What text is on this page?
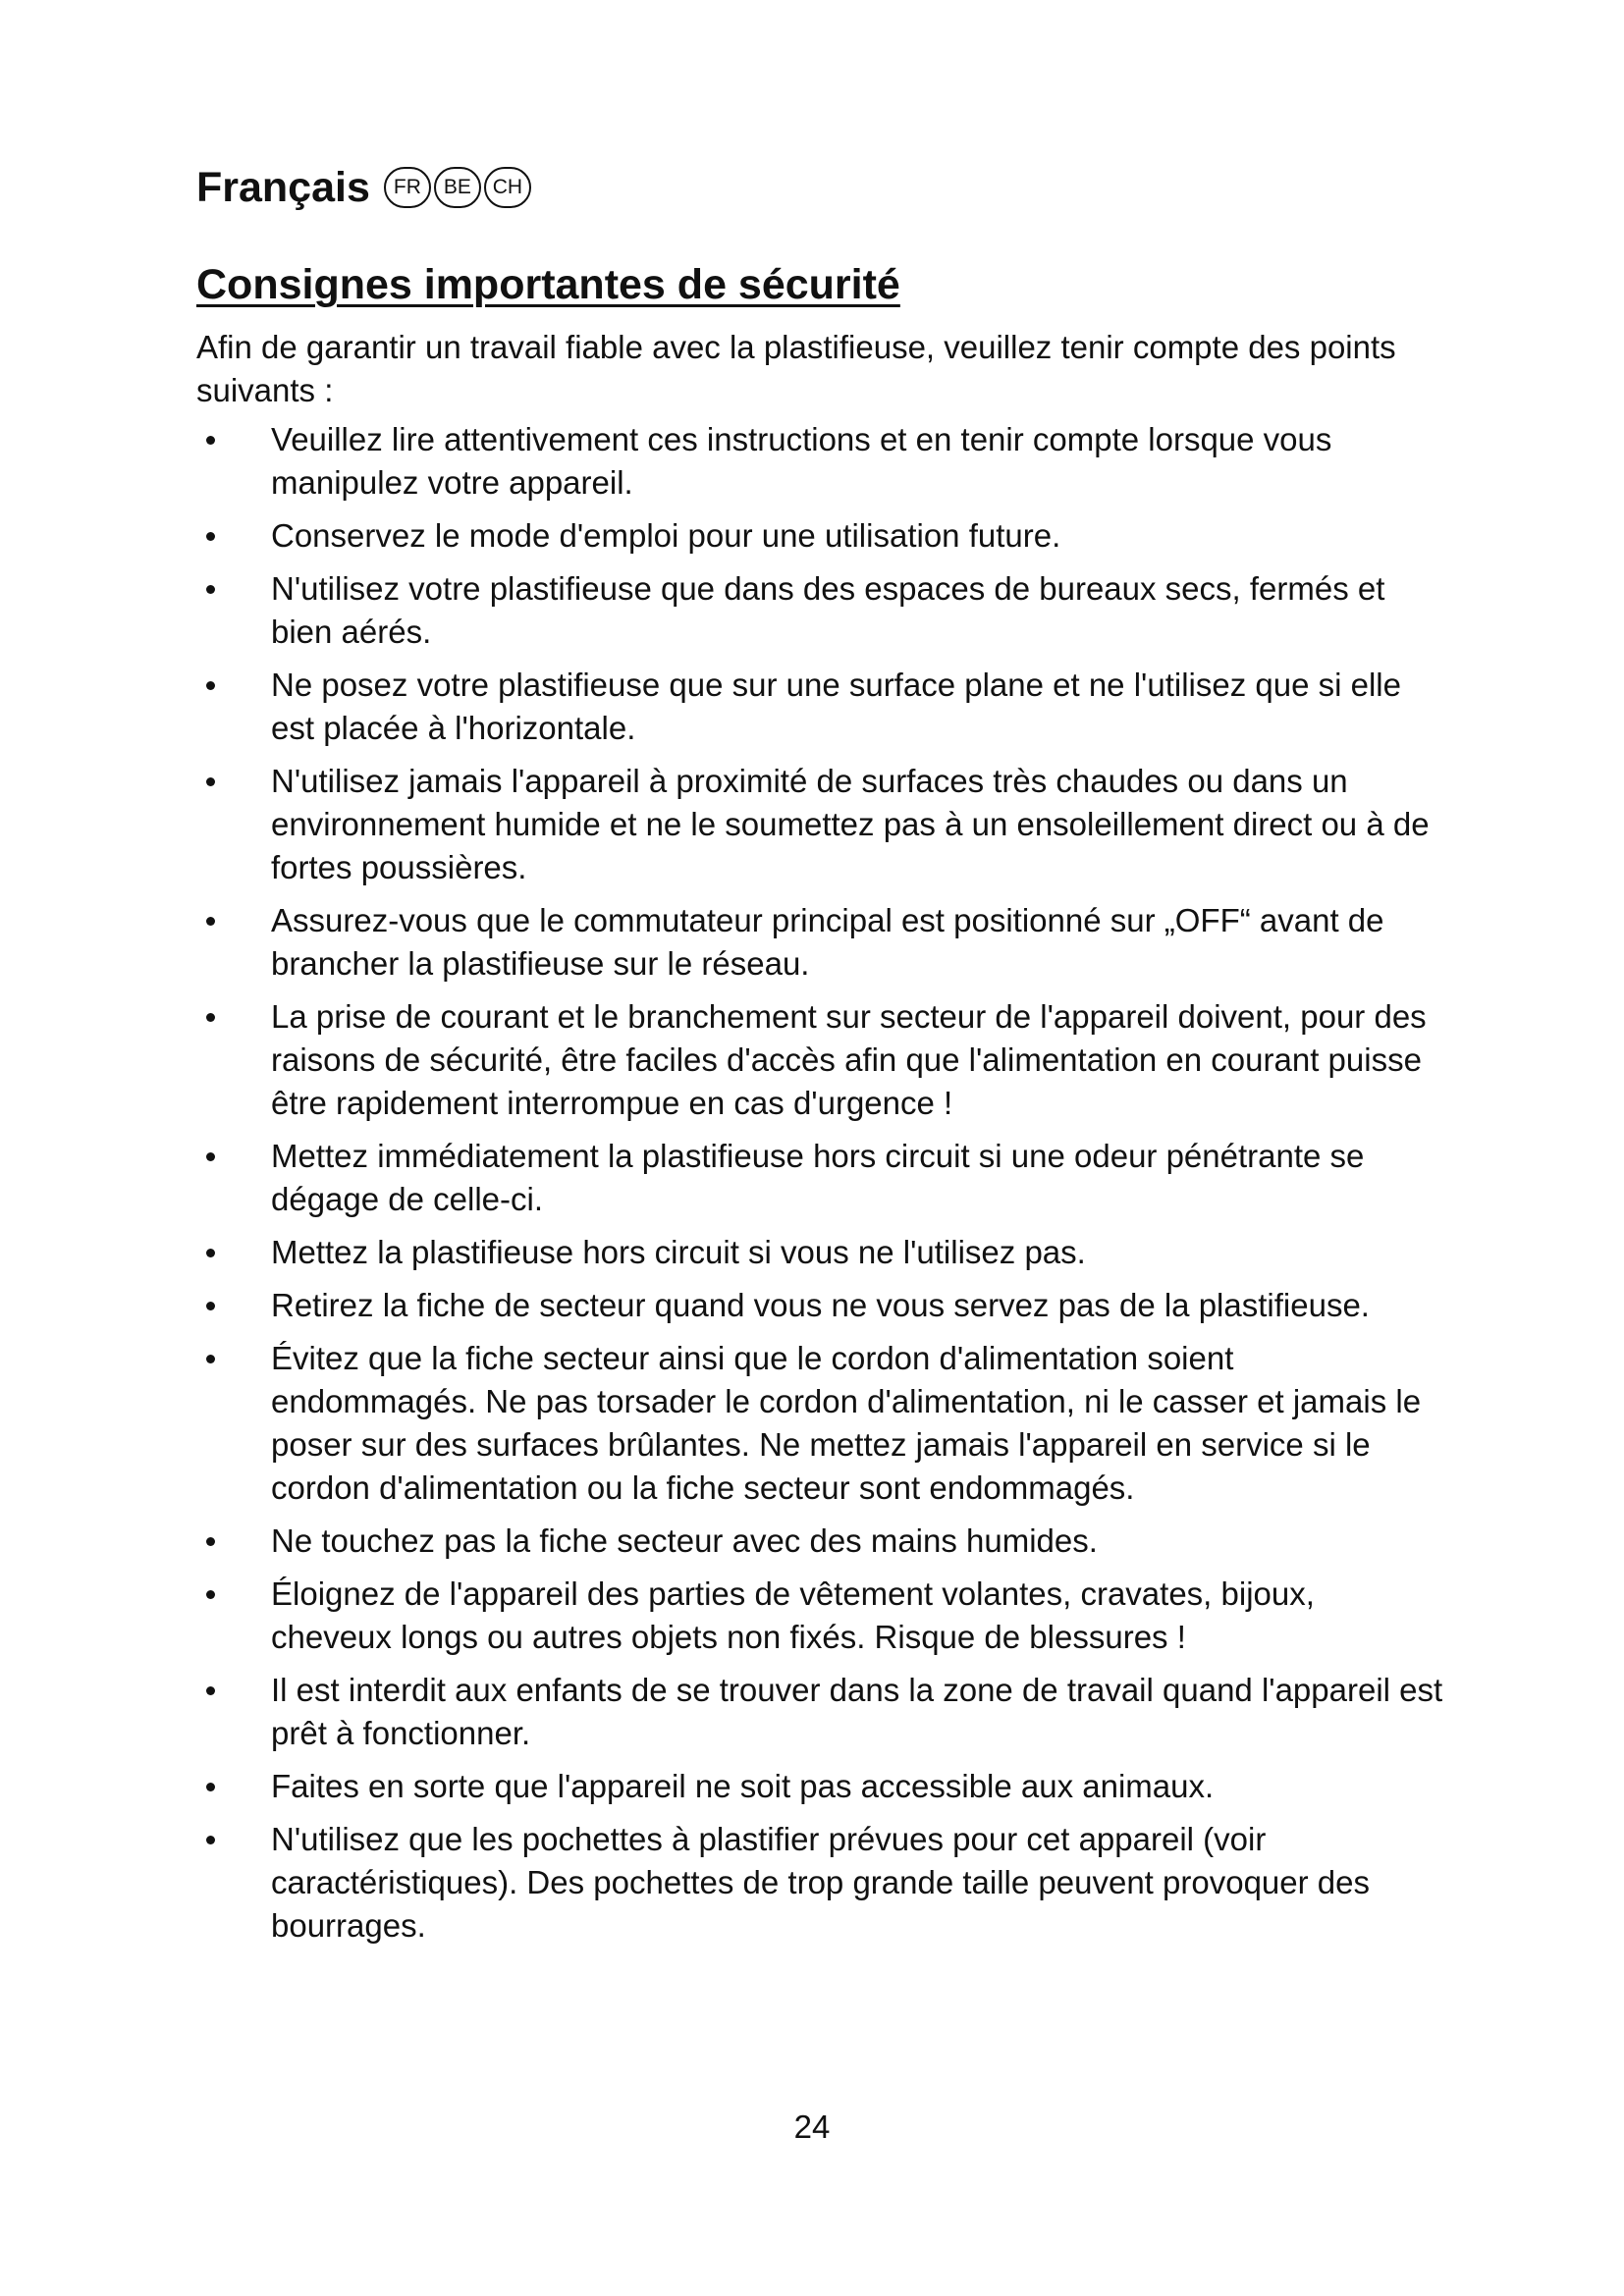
Français	FR	BE	CH
Consignes importantes de sécurité

Afin de garantir un travail fiable avec la plastifieuse, veuillez tenir compte des points suivants :

Veuillez lire attentivement ces instructions et en tenir compte lorsque vous manipulez votre appareil.
Conservez le mode d'emploi pour une utilisation future.
N'utilisez votre plastifieuse que dans des espaces de bureaux secs, fermés et bien aérés.
Ne posez votre plastifieuse que sur une surface plane et ne l'utilisez que si elle est placée à l'horizontale.
N'utilisez jamais l'appareil à proximité de surfaces très chaudes ou dans un environnement humide et ne le soumettez pas à un ensoleillement direct ou à de fortes poussières.
Assurez-vous que le commutateur principal est positionné sur „OFF“ avant de brancher la plastifieuse sur le réseau.
La prise de courant et le branchement sur secteur de l'appareil doivent, pour des raisons de sécurité, être faciles d'accès afin que l'alimentation en courant puisse être rapidement interrompue en cas d'urgence !
Mettez immédiatement la plastifieuse hors circuit si une odeur pénétrante se dégage de celle-ci.
Mettez la plastifieuse hors circuit si vous ne l'utilisez pas.
Retirez la fiche de secteur quand vous ne vous servez pas de la plastifieuse.
Évitez que la fiche secteur ainsi que le cordon d'alimentation soient endommagés. Ne pas torsader le cordon d'alimentation, ni le casser et jamais le poser sur des surfaces brûlantes. Ne mettez jamais l'appareil en service si le cordon d'alimentation ou la fiche secteur sont endommagés.
Ne touchez pas la fiche secteur avec des mains humides.
Éloignez de l'appareil des parties de vêtement volantes, cravates, bijoux, cheveux longs ou autres objets non fixés. Risque de blessures !
Il est interdit aux enfants de se trouver dans la zone de travail quand l'appareil est prêt à fonctionner.
Faites en sorte que l'appareil ne soit pas accessible aux animaux.
N'utilisez que les pochettes à plastifier prévues pour cet appareil (voir caractéristiques). Des pochettes de trop grande taille peuvent provoquer des bourrages.
24
